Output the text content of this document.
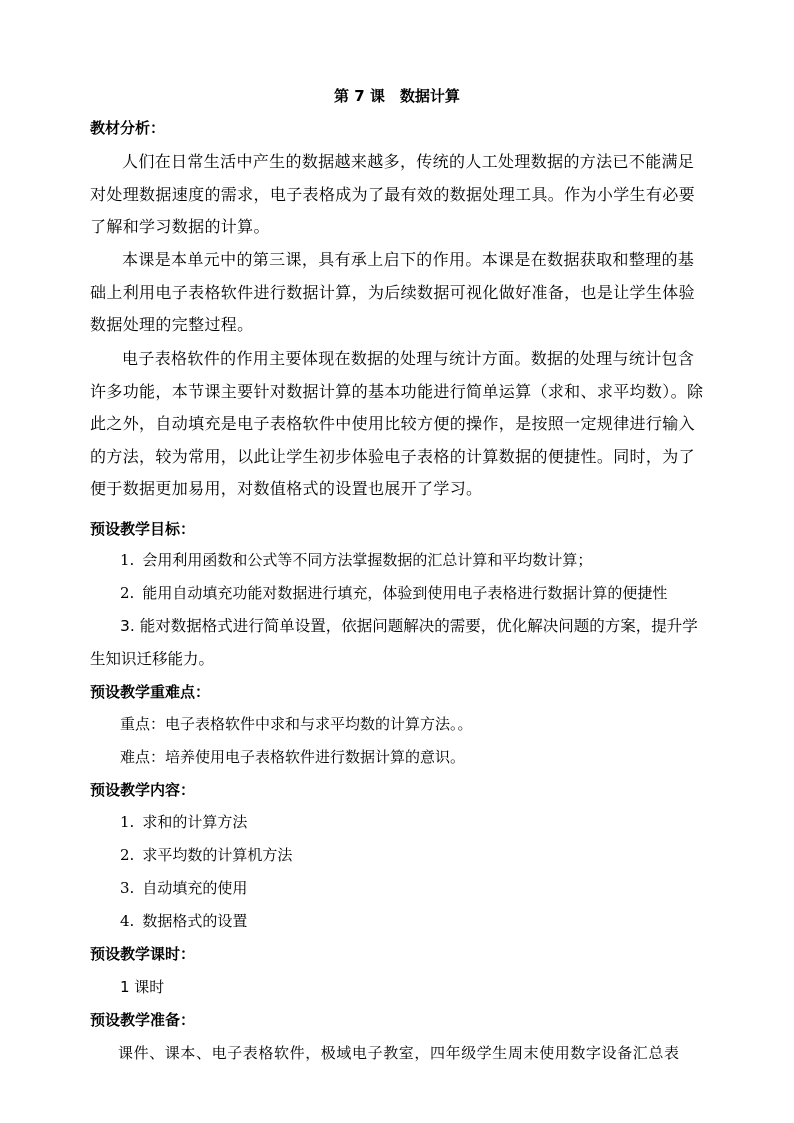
第 7 课　数据计算
教材分析：
人们在日常生活中产生的数据越来越多，传统的人工处理数据的方法已不能满足对处理数据速度的需求，电子表格成为了最有效的数据处理工具。作为小学生有必要了解和学习数据的计算。
本课是本单元中的第三课，具有承上启下的作用。本课是在数据获取和整理的基础上利用电子表格软件进行数据计算，为后续数据可视化做好准备，也是让学生体验数据处理的完整过程。
电子表格软件的作用主要体现在数据的处理与统计方面。数据的处理与统计包含许多功能，本节课主要针对数据计算的基本功能进行简单运算（求和、求平均数）。除此之外，自动填充是电子表格软件中使用比较方便的操作，是按照一定规律进行输入的方法，较为常用，以此让学生初步体验电子表格的计算数据的便捷性。同时，为了便于数据更加易用，对数值格式的设置也展开了学习。
预设教学目标：
1. 会用利用函数和公式等不同方法掌握数据的汇总计算和平均数计算；
2. 能用自动填充功能对数据进行填充，体验到使用电子表格进行数据计算的便捷性
3. 能对数据格式进行简单设置，依据问题解决的需要，优化解决问题的方案，提升学生知识迁移能力。
预设教学重难点：
重点：电子表格软件中求和与求平均数的计算方法。。
难点：培养使用电子表格软件进行数据计算的意识。
预设教学内容：
1. 求和的计算方法
2. 求平均数的计算机方法
3. 自动填充的使用
4. 数据格式的设置
预设教学课时：
1 课时
预设教学准备：
课件、课本、电子表格软件，极域电子教室，四年级学生周末使用数字设备汇总表
